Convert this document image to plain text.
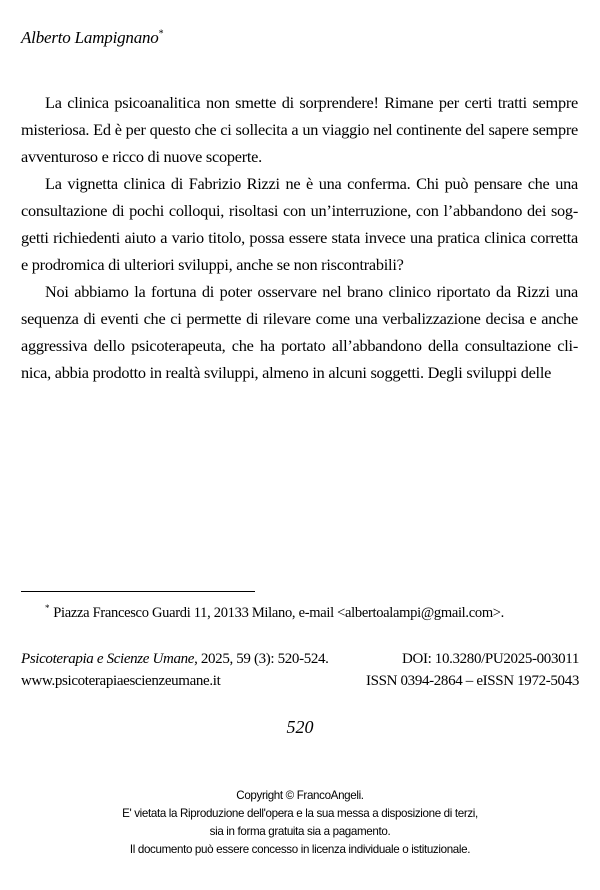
Alberto Lampignano*

La clinica psicoanalitica non smette di sorprendere! Rimane per certi tratti sempre misteriosa. Ed è per questo che ci sollecita a un viaggio nel continente del sapere sempre avventuroso e ricco di nuove scoperte.

La vignetta clinica di Fabrizio Rizzi ne è una conferma. Chi può pensare che una consultazione di pochi colloqui, risoltasi con un’interruzione, con l’abbandono dei sog-getti richiedenti aiuto a vario titolo, possa essere stata invece una pratica clinica corretta e prodromica di ulteriori sviluppi, anche se non riscontrabili?

Noi abbiamo la fortuna di poter osservare nel brano clinico riportato da Rizzi una sequenza di eventi che ci permette di rilevare come una verbalizzazione decisa e anche aggressiva dello psicoterapeuta, che ha portato all’abbandono della consultazione cli-nica, abbia prodotto in realtà sviluppi, almeno in alcuni soggetti. Degli sviluppi delle

* Piazza Francesco Guardi 11, 20133 Milano, e-mail <albertoalampi@gmail.com>.
Psicoterapia e Scienze Umane, 2025, 59 (3): 520-524.	DOI: 10.3280/PU2025-003011
www.psicoterapiaescienzeumane.it	ISSN 0394-2864 – eISSN 1972-5043
520
Copyright © FrancoAngeli.
E' vietata la Riproduzione dell'opera e la sua messa a disposizione di terzi,
sia in forma gratuita sia a pagamento.
Il documento può essere concesso in licenza individuale o istituzionale.
